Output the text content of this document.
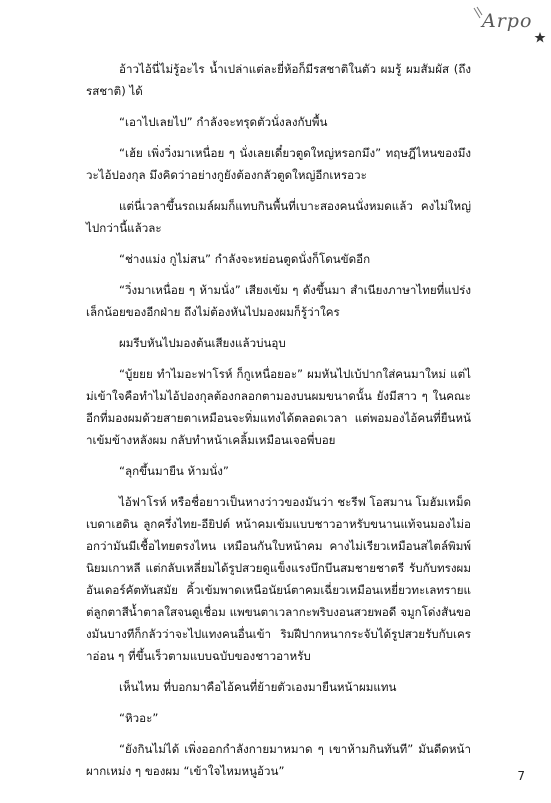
Arpo

อ้าวไอ้นี่ไม่รู้อะไร น้ำเปล่าแต่ละยี่ห้อก็มีรสชาติในตัว ผมรู้ ผมสัมผัส (ถึงรสชาติ) ได้

“เอาไปเลยไป” กำลังจะทรุดตัวนั่งลงกับพื้น

“เฮ้ย เพิ่งวิ่งมาเหนื่อย ๆ นั่งเลยเดี๋ยวตูดใหญ่หรอกมึง” ทฤษฎีไหนของมึงวะไอ้ปองกุล มึงคิดว่าอย่างกูยังต้องกลัวตูดใหญ่อีกเหรอวะ

แต่นี่เวลาขึ้นรถเมล์ผมก็แทบกินพื้นที่เบาะสองคนนั่งหมดแล้ว คงไม่ใหญ่ไปกว่านี้แล้วละ

“ช่างแม่ง กูไม่สน” กำลังจะหย่อนตูดนั่งก็โดนขัดอีก

“วิ่งมาเหนื่อย ๆ ห้ามนั่ง” เสียงเข้ม ๆ ดังขึ้นมา สำเนียงภาษาไทยที่แปร่งเล็กน้อยของอีกฝ่าย ถึงไม่ต้องหันไปมองผมก็รู้ว่าใคร

ผมรีบหันไปมองต้นเสียงแล้วบ่นอุบ

“บู้ยยย ทำไมอะฟาโรห์ ก็กูเหนื่อยอะ” ผมหันไปเบ้ปากใส่คนมาใหม่ แต่ไม่เข้าใจคือทำไมไอ้ปองกุลต้องกลอกตามองบนผมขนาดนั้น ยังมีสาว ๆ ในคณะอีกที่มองผมด้วยสายตาเหมือนจะทิ่มแทงได้ตลอดเวลา แต่พอมองไอ้คนที่ยืนหน้าเข้มข้างหลังผม กลับทำหน้าเคลิ้มเหมือนเจอพี่บอย

“ลุกขึ้นมายืน ห้ามนั่ง”

ไอ้ฟาโรห์ หรือชื่อยาวเป็นหางว่าวของมันว่า ชะรีฟ โอสมาน โมฮัมเหม็ด เบดาเฮดิน ลูกครึ่งไทย-อียิปต์ หน้าคมเข้มแบบชาวอาหรับขนานแท้จนมองไม่ออกว่ามันมีเชื้อไทยตรงไหน เหมือนกันใบหน้าคม คางไม่เรียวเหมือนสไตล์พิมพ์นิยมเกาหลี แต่กลับเหลี่ยมได้รูปสวยดูแข็งแรงบึกบึนสมชายชาตรี รับกับทรงผมอันเดอร์คัตทันสมัย คิ้วเข้มพาดเหนือนัยน์ตาคมเฉี่ยวเหมือนเหยี่ยวทะเลทรายแต่ลูกตาสีน้ำตาลใสจนดูเชื่อม แพขนตาเวลากะพริบงอนสวยพอดี จมูกโด่งสันของมันบางทีก็กลัวว่าจะไปแทงคนอื่นเข้า ริมฝีปากหนากระจับได้รูปสวยรับกับเคราอ่อน ๆ ที่ขึ้นเร็วตามแบบฉบับของชาวอาหรับ

เห็นไหม ที่บอกมาคือไอ้คนที่ย้ายตัวเองมายืนหน้าผมแทน

“หิวอะ”

“ยังกินไม่ได้ เพิ่งออกกำลังกายมาหมาด ๆ เขาห้ามกินทันที” มันดีดหน้าผากเหม่ง ๆ ของผม “เข้าใจไหมหนูอ้วน”	7
